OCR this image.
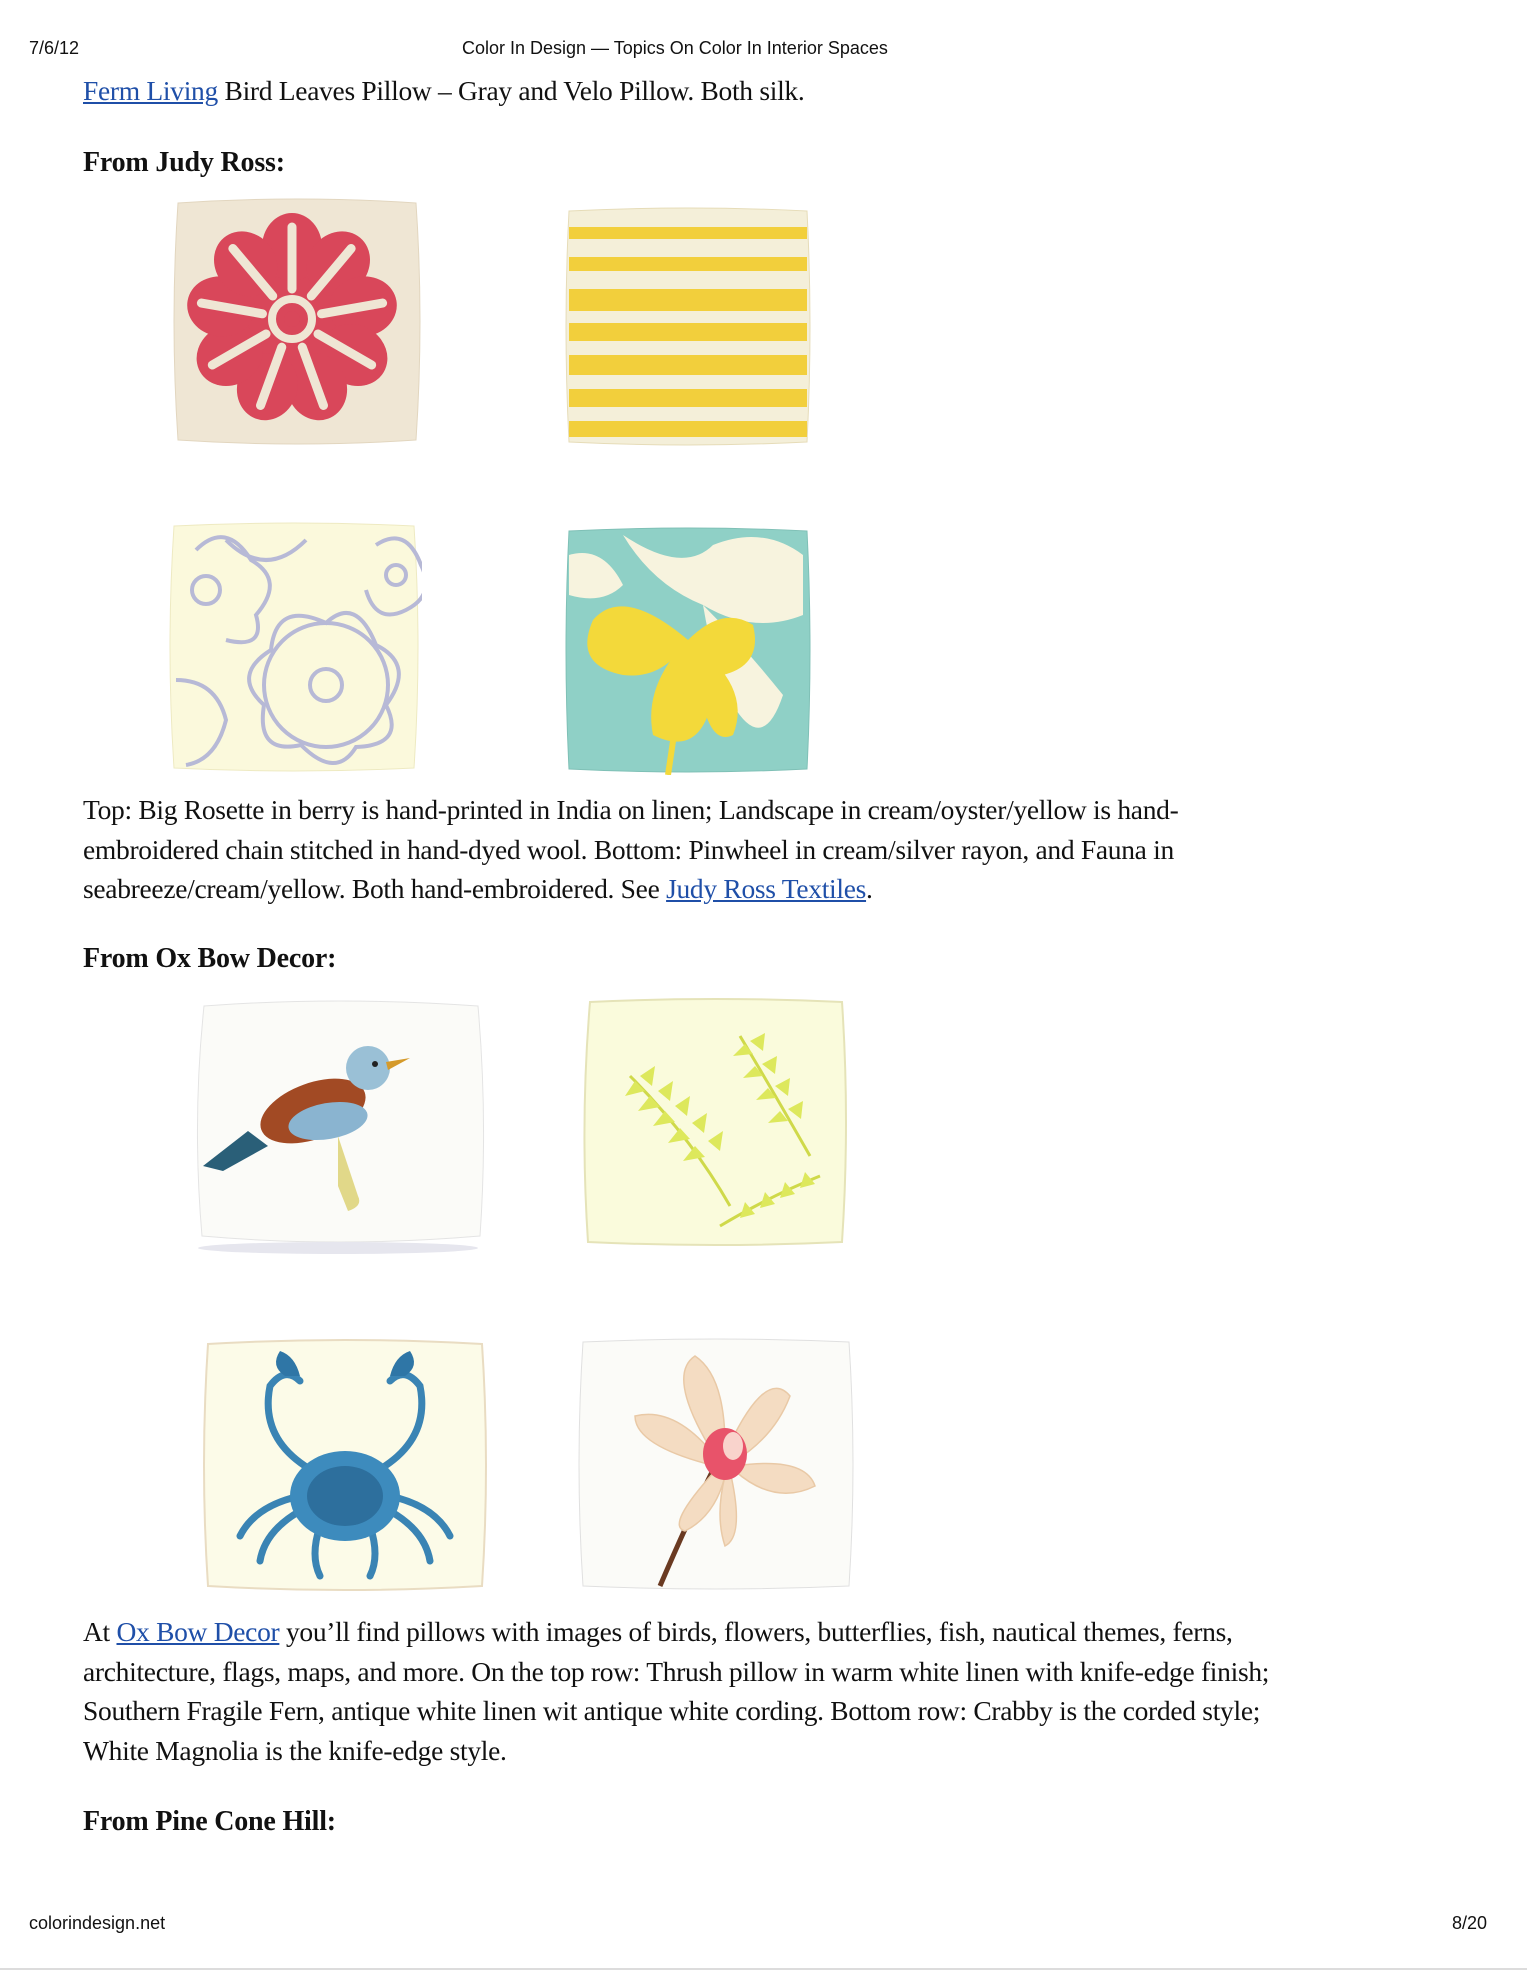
7/6/12	Color In Design — Topics On Color In Interior Spaces
Ferm Living Bird Leaves Pillow – Gray and Velo Pillow. Both silk.
From Judy Ross:
Top: Big Rosette in berry is hand-printed in India on linen; Landscape in cream/oyster/yellow is hand-
embroidered chain stitched in hand-dyed wool. Bottom: Pinwheel in cream/silver rayon, and Fauna in
seabreeze/cream/yellow. Both hand-embroidered. See Judy Ross Textiles.
From Ox Bow Decor:
At Ox Bow Decor you’ll find pillows with images of birds, flowers, butterflies, fish, nautical themes, ferns,
architecture, flags, maps, and more. On the top row: Thrush pillow in warm white linen with knife-edge finish;
Southern Fragile Fern, antique white linen wit antique white cording. Bottom row: Crabby is the corded style;
White Magnolia is the knife-edge style.
From Pine Cone Hill:
colorindesign.net	8/20
